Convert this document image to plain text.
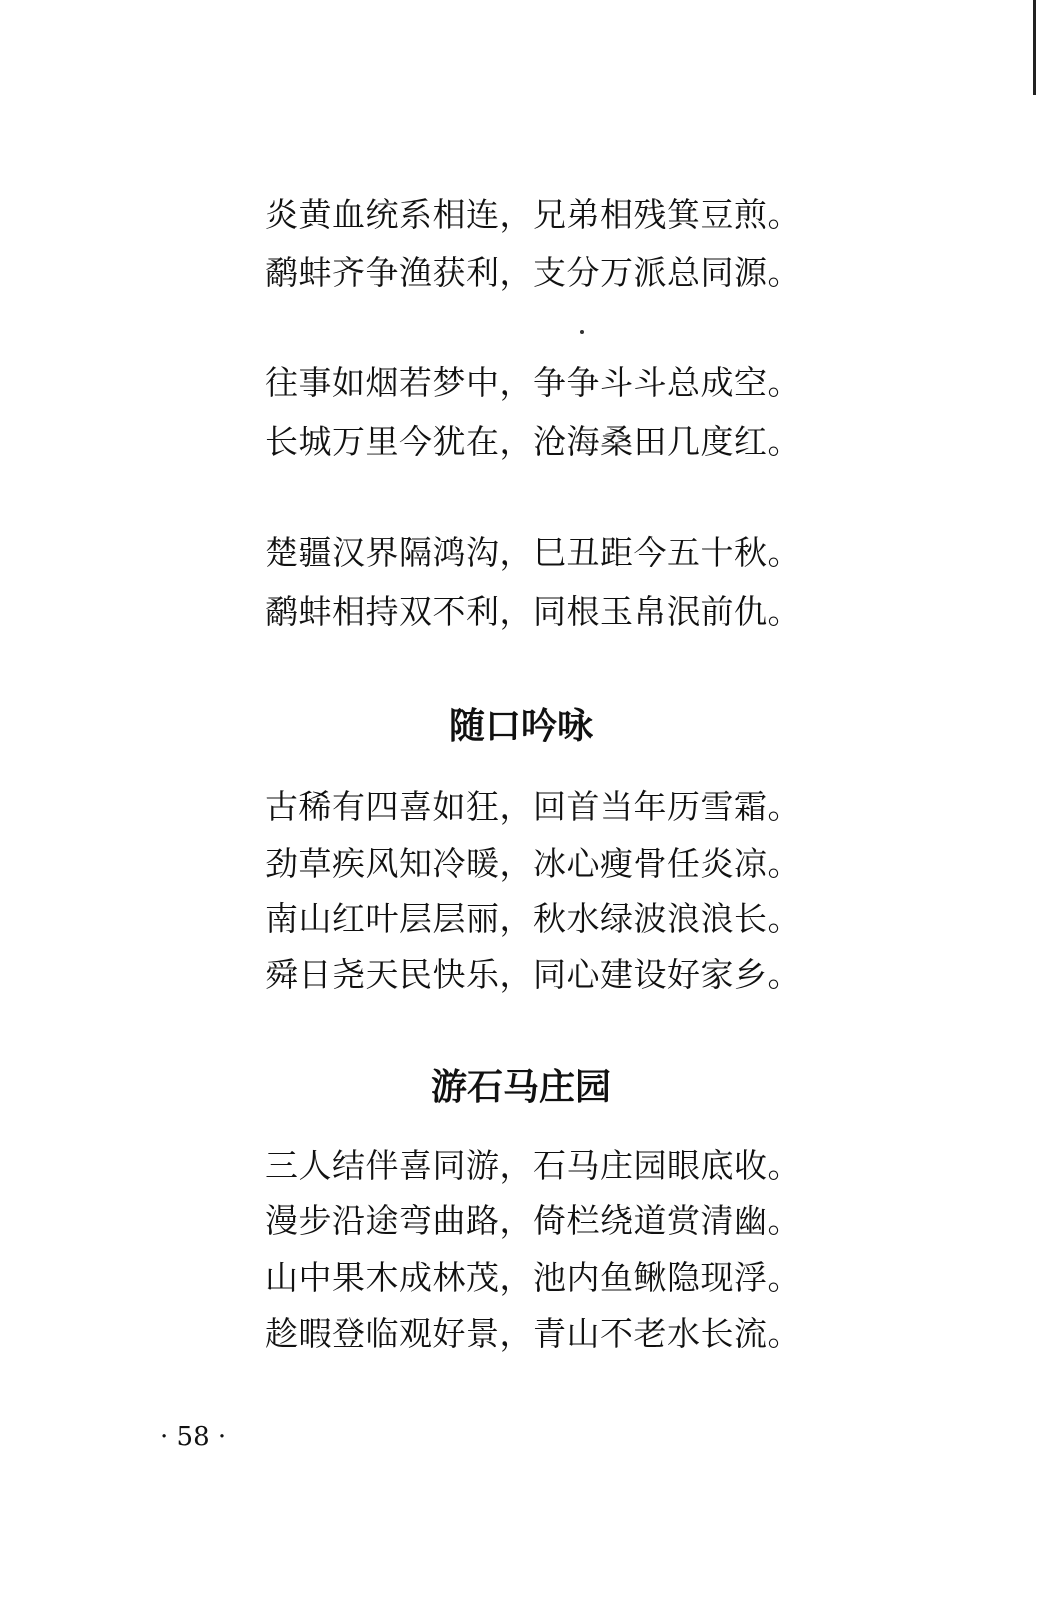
炎黄血统系相连，兄弟相残箕豆煎。
鹬蚌齐争渔获利，支分万派总同源。
往事如烟若梦中，争争斗斗总成空。
长城万里今犹在，沧海桑田几度红。
楚疆汉界隔鸿沟，巳丑距今五十秋。
鹬蚌相持双不利，同根玉帛泯前仇。
随口吟咏
古稀有四喜如狂，回首当年历雪霜。
劲草疾风知冷暖，冰心瘦骨任炎凉。
南山红叶层层丽，秋水绿波浪浪长。
舜日尧天民快乐，同心建设好家乡。
游石马庄园
三人结伴喜同游，石马庄园眼底收。
漫步沿途弯曲路，倚栏绕道赏清幽。
山中果木成林茂，池内鱼鳅隐现浮。
趁暇登临观好景，青山不老水长流。
· 58 ·
